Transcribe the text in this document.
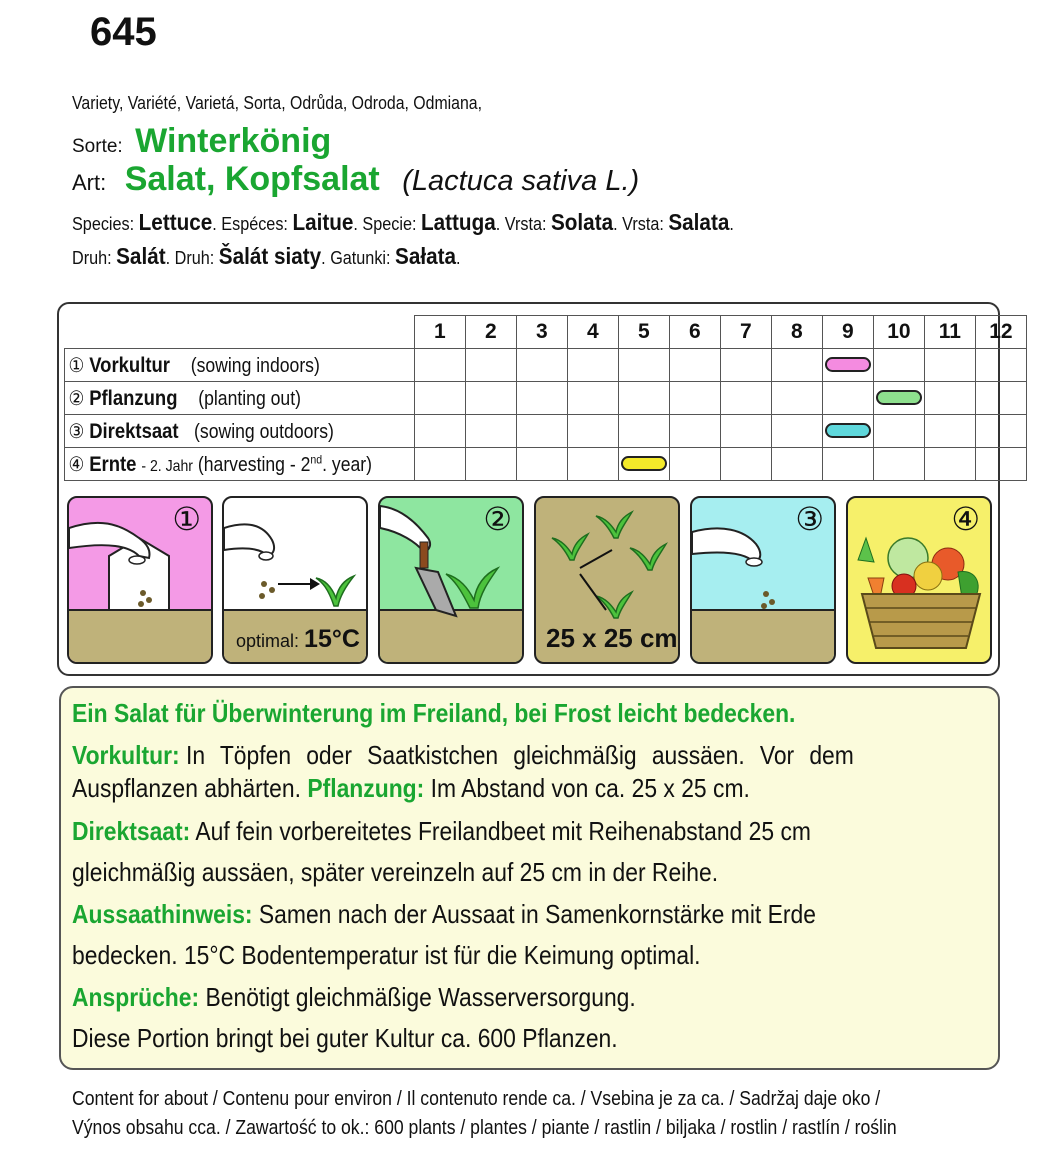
645
Variety, Variété, Varietá, Sorta, Odrůda, Odroda, Odmiana,
Sorte: Winterkönig
Art: Salat, Kopfsalat (Lactuca sativa L.)
Species: Lettuce. Espéces: Laitue. Specie: Lattuga. Vrsta: Solata. Vrsta: Salata.
Druh: Salát. Druh: Šalát siaty. Gatunki: Sałata.
	1	2	3	4	5	6	7	8	9	10	11	12
① Vorkultur (sowing indoors)									

② Pflanzung (planting out)										

③ Direktsaat (sowing outdoors)									

④ Ernte - 2. Jahr (harvesting - 2nd. year)					

①
optimal: 15°C
②
25 x 25 cm
③	④
Ein Salat für Überwinterung im Freiland, bei Frost leicht bedecken.
Vorkultur: In Töpfen oder Saatkistchen gleichmäßig aussäen. Vor dem
Auspflanzen abhärten. Pflanzung: Im Abstand von ca. 25 x 25 cm.
Direktsaat: Auf fein vorbereitetes Freilandbeet mit Reihenabstand 25 cm
gleichmäßig aussäen, später vereinzeln auf 25 cm in der Reihe.
Aussaathinweis: Samen nach der Aussaat in Samenkornstärke mit Erde
bedecken. 15°C Bodentemperatur ist für die Keimung optimal.
Ansprüche: Benötigt gleichmäßige Wasserversorgung.
Diese Portion bringt bei guter Kultur ca. 600 Pflanzen.
Content for about / Contenu pour environ / Il contenuto rende ca. / Vsebina je za ca. / Sadržaj daje oko /
Výnos obsahu cca. / Zawartość to ok.: 600 plants / plantes / piante / rastlin / biljaka / rostlin / rastlín / roślin
